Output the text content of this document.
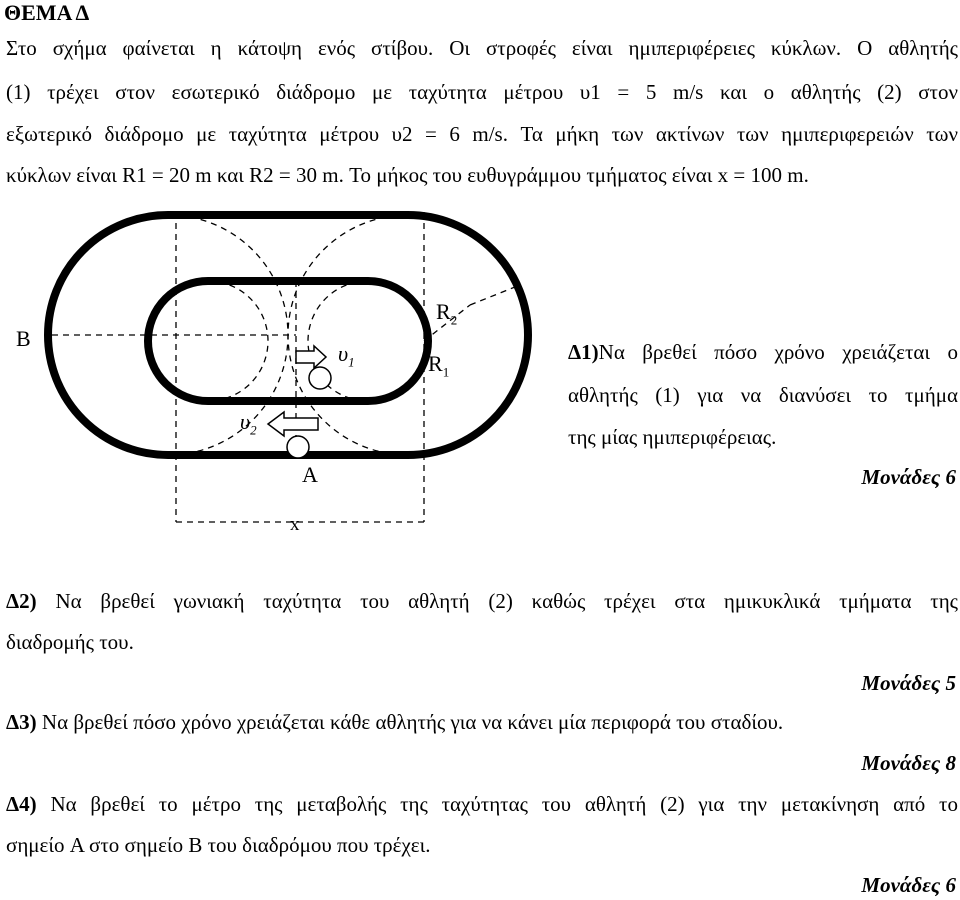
ΘΕΜΑ Δ
Στο σχήμα φαίνεται η κάτοψη ενός στίβου. Οι στροφές είναι ημιπεριφέρειες κύκλων. Ο αθλητής
(1) τρέχει στον εσωτερικό διάδρομο με ταχύτητα μέτρου υ1 = 5 m/s και ο αθλητής (2) στον
εξωτερικό διάδρομο με ταχύτητα μέτρου υ2 = 6 m/s. Τα μήκη των ακτίνων των ημιπεριφερειών των
κύκλων είναι R1 = 20 m και R2 = 30 m. Το μήκος του ευθυγράμμου τμήματος είναι x = 100 m.
B
A
x
$\upsilon_1$
$\upsilon_2$
$R_1$
$R_2$
Δ1)Να βρεθεί πόσο χρόνο χρειάζεται ο
αθλητής (1) για να διανύσει το τμήμα
της μίας ημιπεριφέρειας.
Μονάδες 6
Δ2) Να βρεθεί γωνιακή ταχύτητα του αθλητή (2) καθώς τρέχει στα ημικυκλικά τμήματα της
διαδρομής του.
Μονάδες 5
Δ3) Να βρεθεί πόσο χρόνο χρειάζεται κάθε αθλητής για να κάνει μία περιφορά του σταδίου.
Μονάδες 8
Δ4) Να βρεθεί το μέτρο της μεταβολής της ταχύτητας του αθλητή (2) για την μετακίνηση από το
σημείο A στο σημείο B του διαδρόμου που τρέχει.
Μονάδες 6
